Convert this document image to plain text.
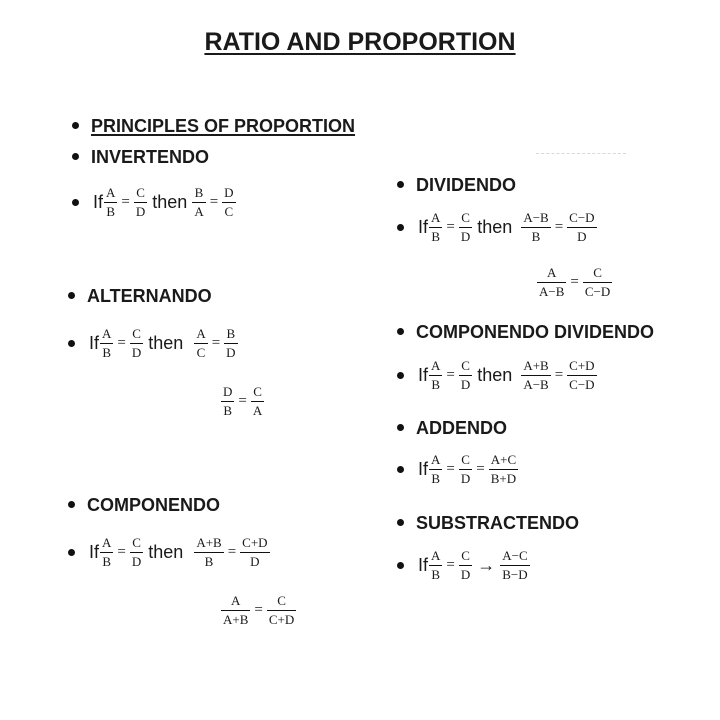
RATIO AND PROPORTION
PRINCIPLES OF PROPORTION
INVERTENDO
If A
B
=
C
D then B
A
=
D
C
ALTERNANDO
If A
B
=
C
D then A
C
=
B
D
D
B
=
C
A
COMPONENDO
If A
B
=
C
D then A+B
B
=
C+D
D
A
A+B
=
C
C+D
DIVIDENDO
If A
B
=
C
D then A−B
B
=
C−D
D
A
A−B
=
C
C−D
COMPONENDO DIVIDENDO
If A
B
=
C
D then A+B
A−B
=
C+D
C−D
ADDENDO
If A
B
=
C
D
=
A+C
B+D
SUBSTRACTENDO
If A
B
=
C
D → A−C
B−D
